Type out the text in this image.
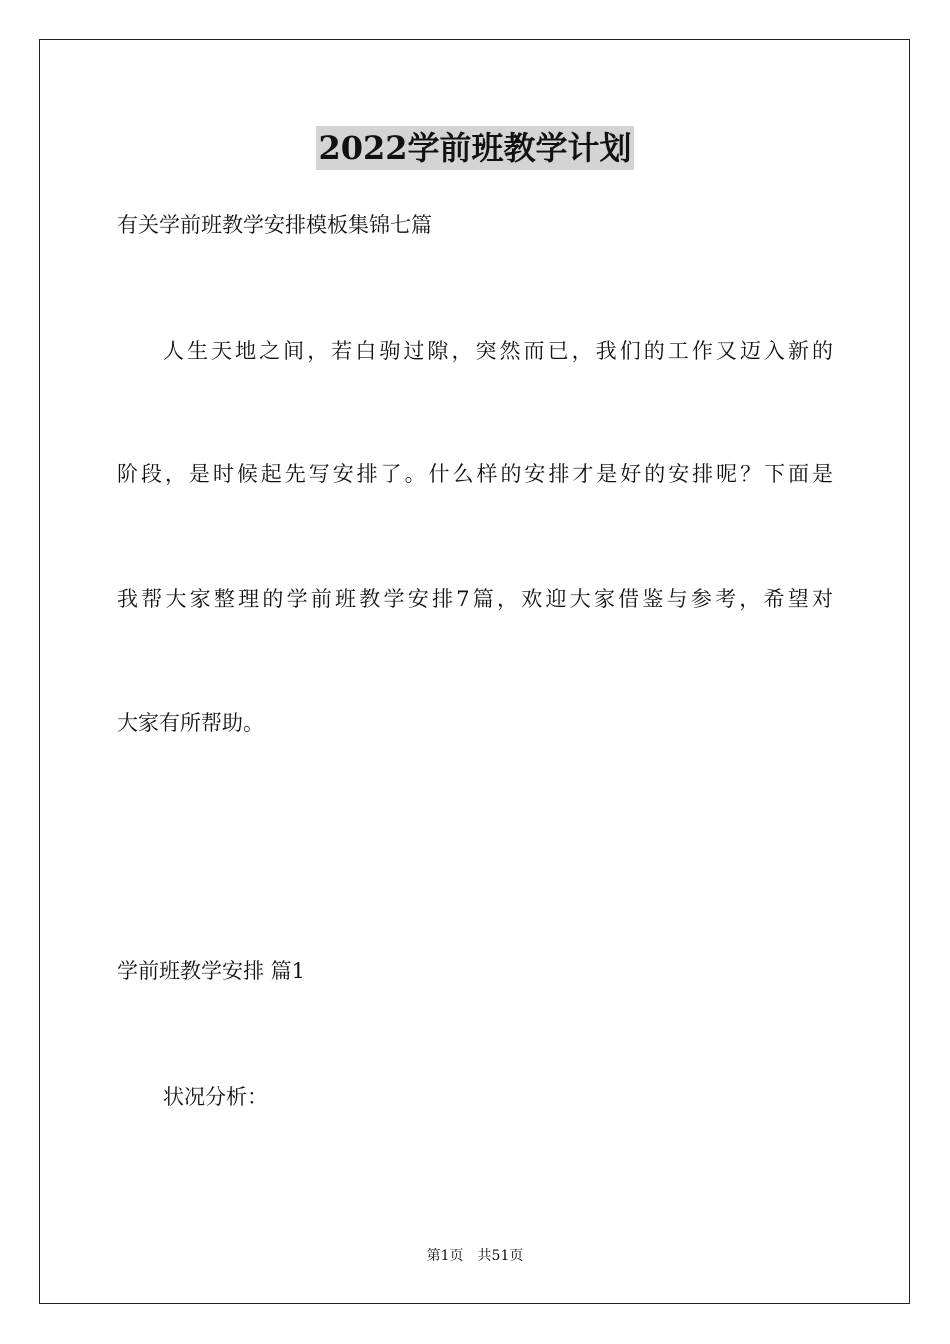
2022学前班教学计划
有关学前班教学安排模板集锦七篇
人生天地之间，若白驹过隙，突然而已，我们的工作又迈入新的
阶段，是时候起先写安排了。什么样的安排才是好的安排呢？下面是
我帮大家整理的学前班教学安排7篇，欢迎大家借鉴与参考，希望对
大家有所帮助。
学前班教学安排 篇1
状况分析：
第1页 共51页
